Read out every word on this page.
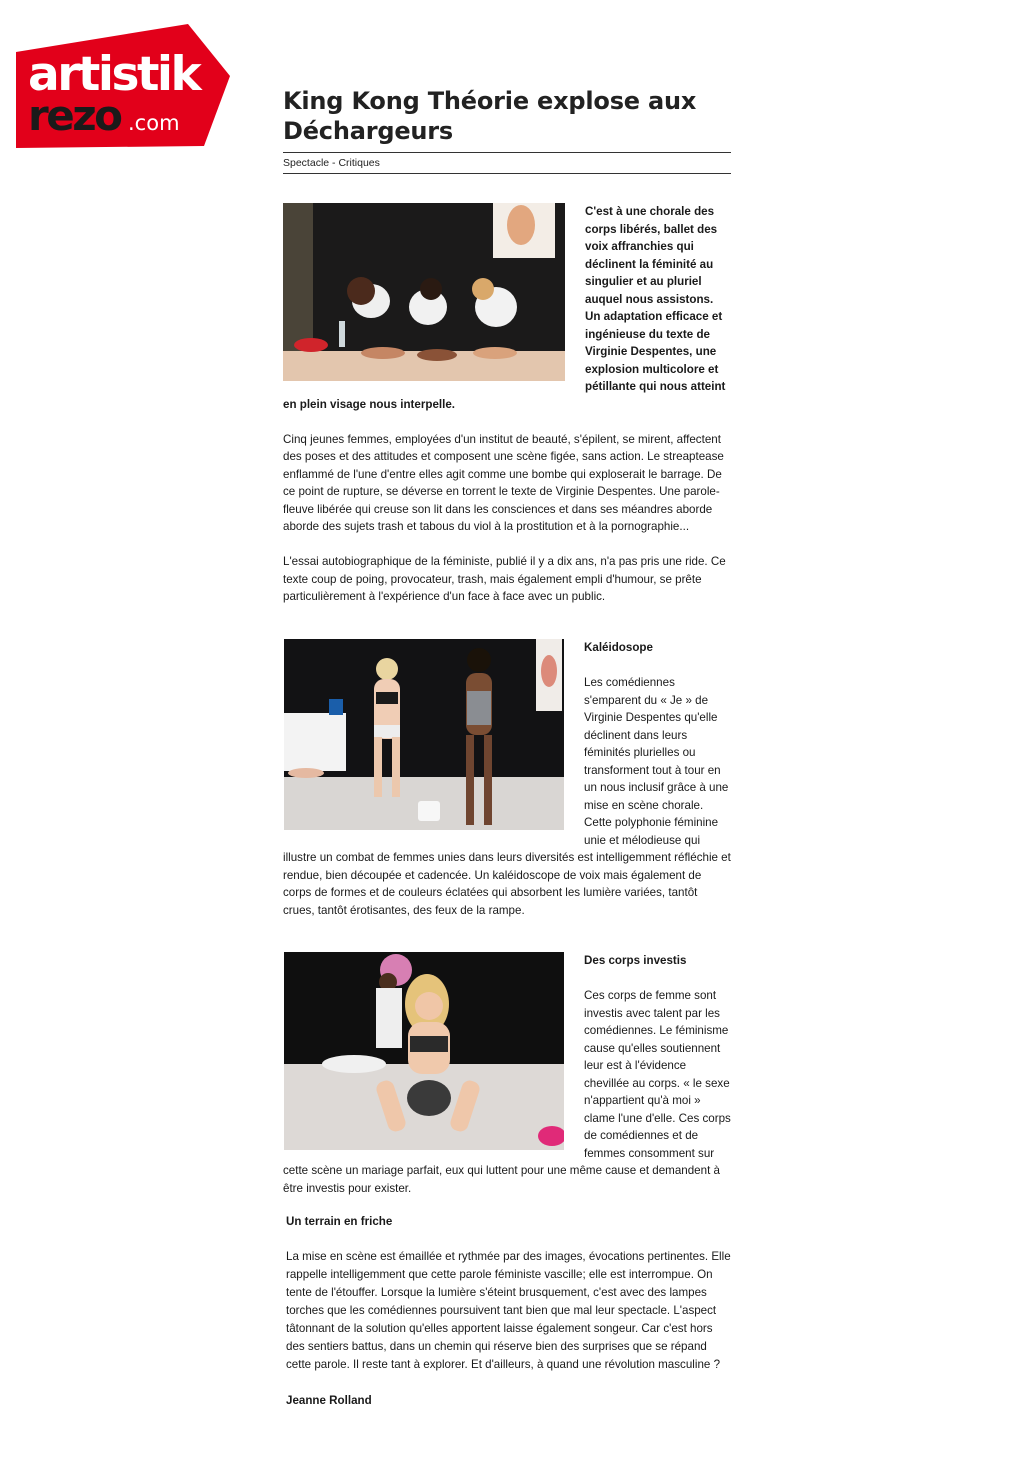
artistik
rezo .com
King Kong Théorie explose aux Déchargeurs
Spectacle - Critiques

C'est à une chorale des corps libérés, ballet des voix affranchies qui déclinent la féminité au singulier et au pluriel auquel nous assistons. Un adaptation efficace et ingénieuse du texte de Virginie Despentes, une explosion multicolore et pétillante qui nous atteint en plein visage nous interpelle.

Cinq jeunes femmes, employées d'un institut de beauté, s'épilent, se mirent, affectent des poses et des attitudes et composent une scène figée, sans action. Le streaptease enflammé de l'une d'entre elles agit comme une bombe qui exploserait le barrage. De ce point de rupture, se déverse en torrent le texte de Virginie Despentes. Une parole-fleuve libérée qui creuse son lit dans les consciences et dans ses méandres aborde aborde des sujets trash et tabous du viol à la prostitution et à la pornographie...

L'essai autobiographique de la féministe, publié il y a dix ans, n'a pas pris une ride. Ce texte coup de poing, provocateur, trash, mais également empli d'humour, se prête particulièrement à l'expérience d'un face à face avec un public.

Kaléidosope

Les comédiennes s'emparent du « Je » de Virginie Despentes qu'elle déclinent dans leurs féminités plurielles ou transforment tout à tour en un nous inclusif grâce à une mise en scène chorale. Cette polyphonie féminine unie et mélodieuse qui illustre un combat de femmes unies dans leurs diversités est intelligemment réfléchie et rendue, bien découpée et cadencée. Un kaléidoscope de voix mais également de corps de formes et de couleurs éclatées qui absorbent les lumière variées, tantôt crues, tantôt érotisantes, des feux de la rampe.

Des corps investis

Ces corps de femme sont investis avec talent par les comédiennes. Le féminisme cause qu'elles soutiennent leur est à l'évidence chevillée au corps. « le sexe n'appartient qu'à moi » clame l'une d'elle. Ces corps de comédiennes et de femmes consomment sur cette scène un mariage parfait, eux qui luttent pour une même cause et demandent à être investis pour exister.

Un terrain en friche

La mise en scène est émaillée et rythmée par des images, évocations pertinentes. Elle rappelle intelligemment que cette parole féministe vascille; elle est interrompue. On tente de l'étouffer. Lorsque la lumière s'éteint brusquement, c'est avec des lampes torches que les comédiennes poursuivent tant bien que mal leur spectacle. L'aspect tâtonnant de la solution qu'elles apportent laisse également songeur. Car c'est hors des sentiers battus, dans un chemin qui réserve bien des surprises que se répand cette parole. Il reste tant à explorer. Et d'ailleurs, à quand une révolution masculine ?

Jeanne Rolland
